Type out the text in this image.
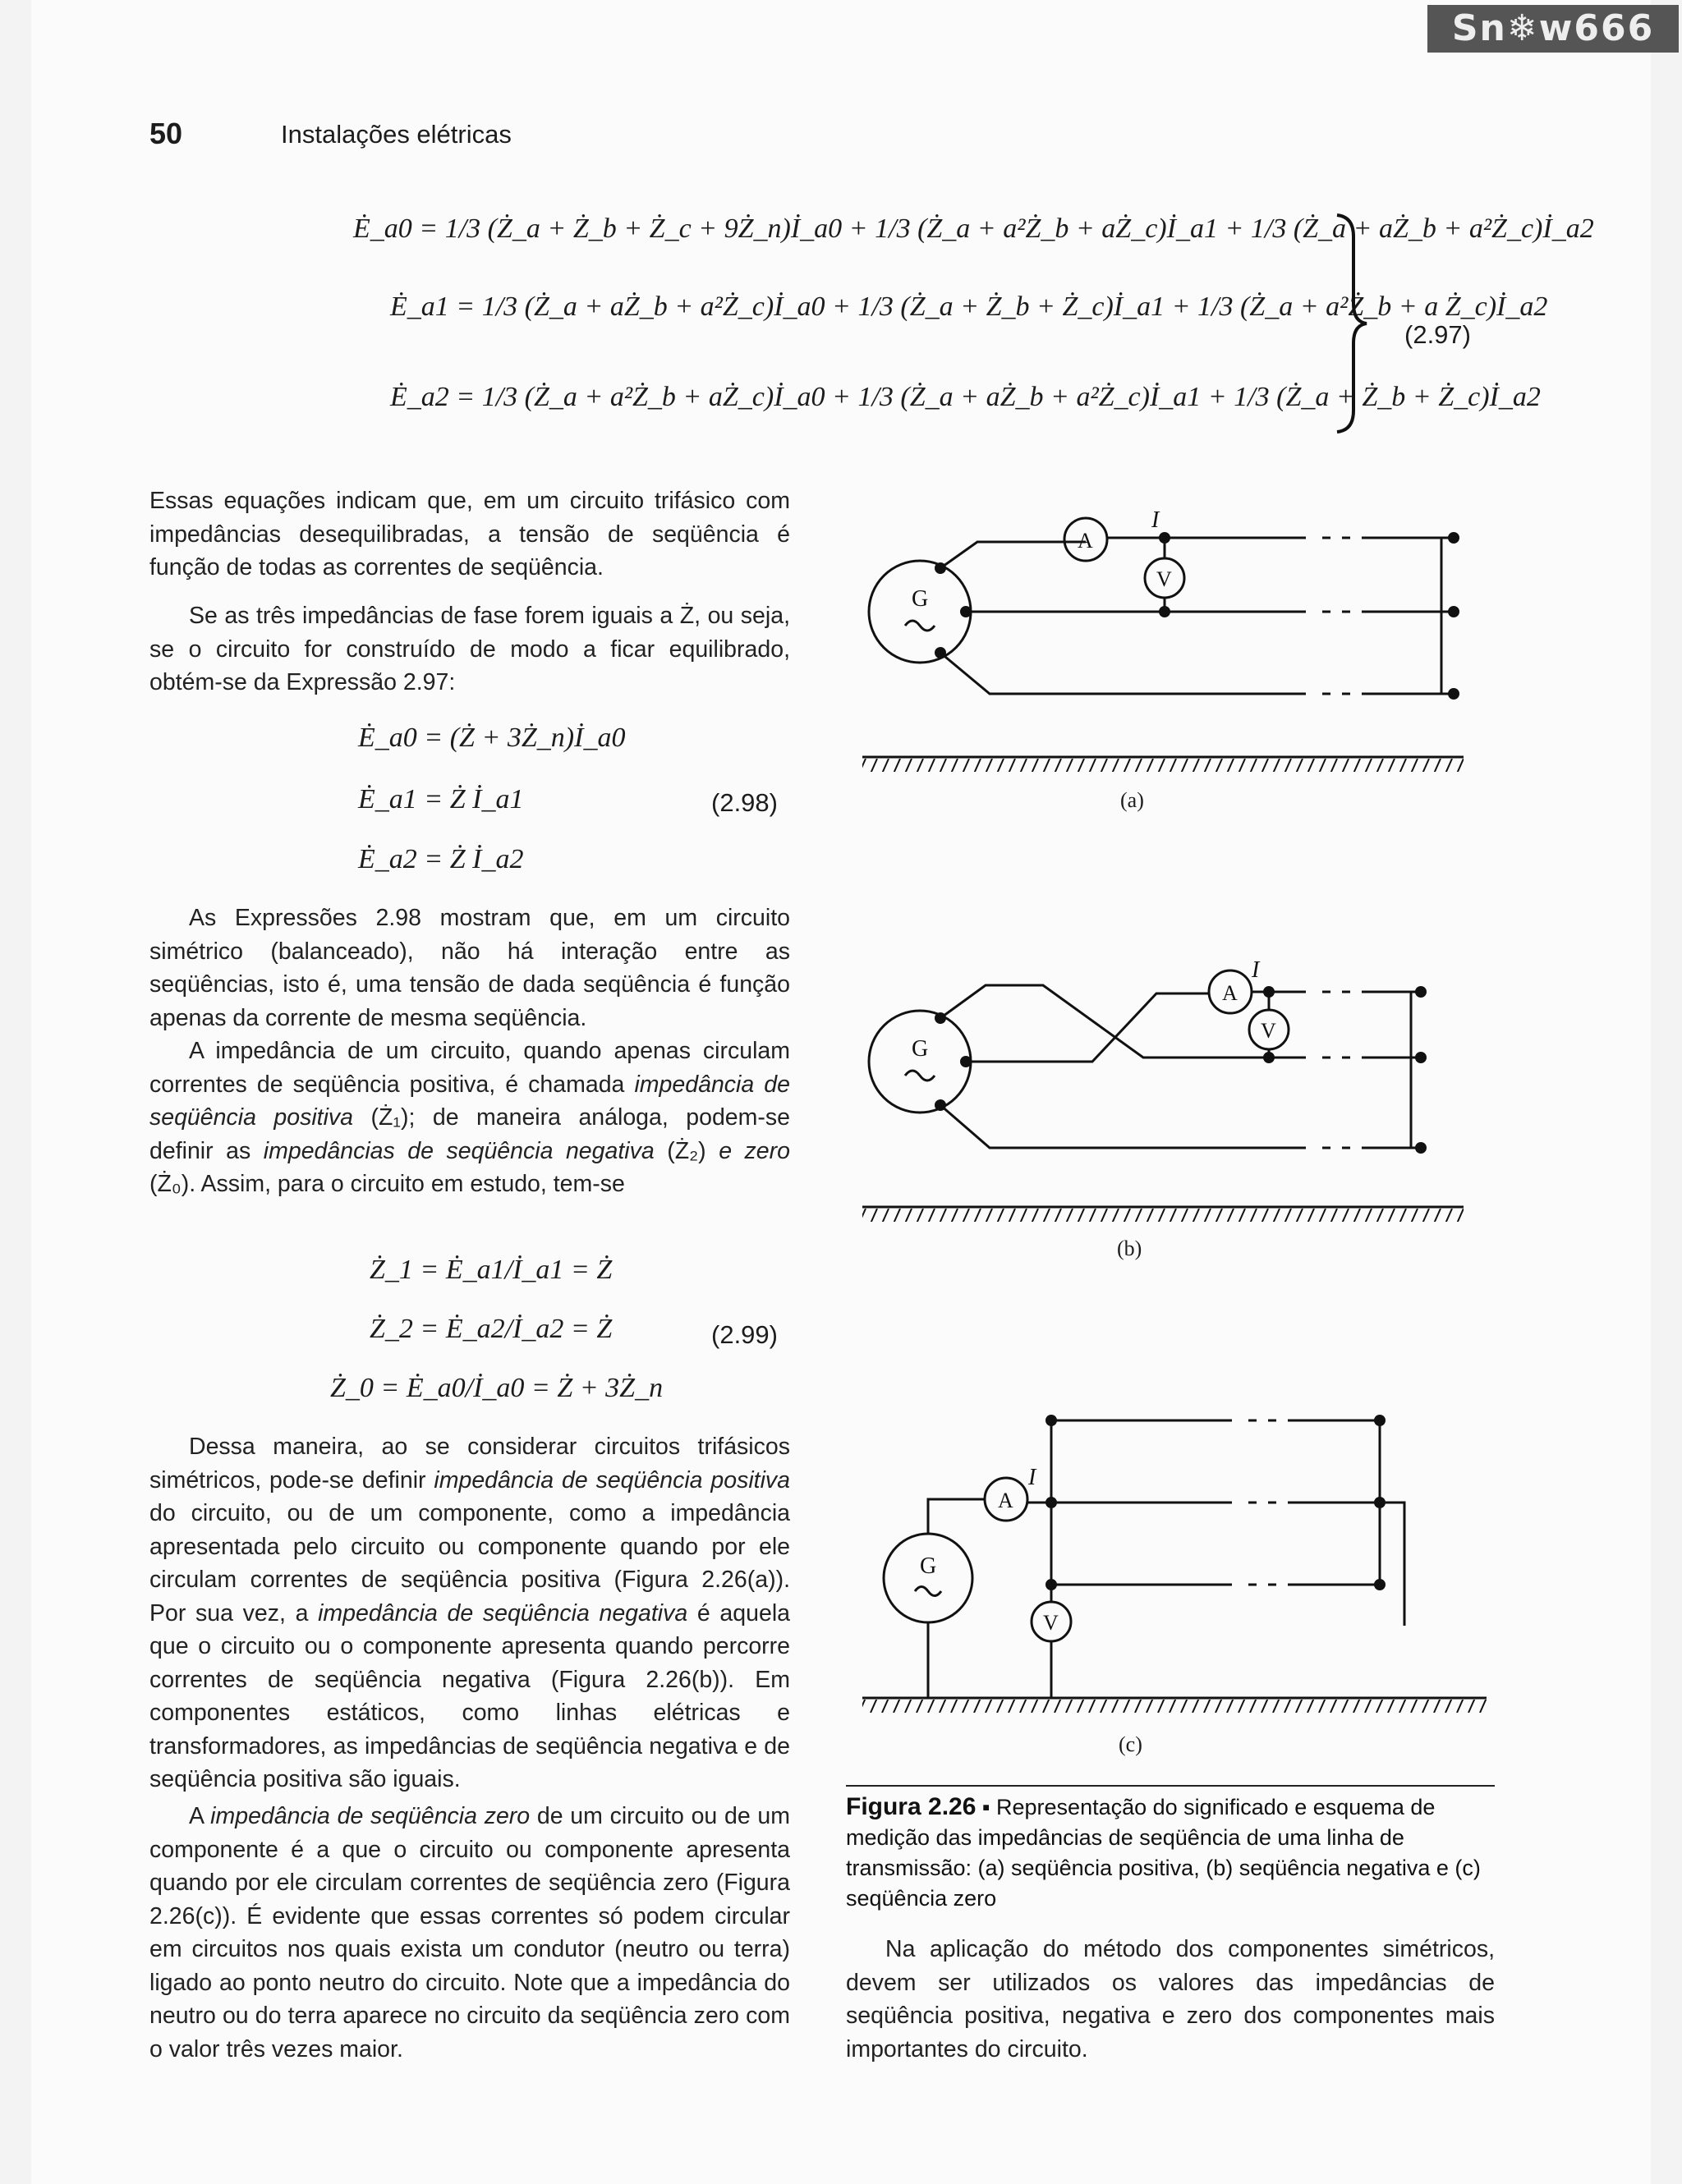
Sn❄w666
50	Instalações elétricas
Ė_a0 = 1/3 (Ż_a + Ż_b + Ż_c + 9Ż_n)İ_a0 + 1/3 (Ż_a + a²Ż_b + aŻ_c)İ_a1 + 1/3 (Ż_a + aŻ_b + a²Ż_c)İ_a2
Ė_a1 = 1/3 (Ż_a + aŻ_b + a²Ż_c)İ_a0 + 1/3 (Ż_a + Ż_b + Ż_c)İ_a1 + 1/3 (Ż_a + a²Ż_b + a Ż_c)İ_a2
Ė_a2 = 1/3 (Ż_a + a²Ż_b + aŻ_c)İ_a0 + 1/3 (Ż_a + aŻ_b + a²Ż_c)İ_a1 + 1/3 (Ż_a + Ż_b + Ż_c)İ_a2
(2.97)

Essas equações indicam que, em um circuito trifásico com impedâncias desequilibradas, a tensão de seqüência é função de todas as correntes de seqüência.

Se as três impedâncias de fase forem iguais a Ż, ou seja, se o circuito for construído de modo a ficar equilibrado, obtém-se da Expressão 2.97:

Ė_a0 = (Ż + 3Ż_n)İ_a0
Ė_a1 = Ż İ_a1
Ė_a2 = Ż İ_a2
(2.98)

As Expressões 2.98 mostram que, em um circuito simétrico (balanceado), não há interação entre as seqüências, isto é, uma tensão de dada seqüência é função apenas da corrente de mesma seqüência.

A impedância de um circuito, quando apenas circulam correntes de seqüência positiva, é chamada impedância de seqüência positiva (Ż₁); de maneira análoga, podem-se definir as impedâncias de seqüência negativa (Ż₂) e zero (Ż₀). Assim, para o circuito em estudo, tem-se

Ż_1 = Ė_a1/İ_a1 = Ż
Ż_2 = Ė_a2/İ_a2 = Ż
Ż_0 = Ė_a0/İ_a0 = Ż + 3Ż_n
(2.99)

Dessa maneira, ao se considerar circuitos trifásicos simétricos, pode-se definir impedância de seqüência positiva do circuito, ou de um componente, como a impedância apresentada pelo circuito ou componente quando por ele circulam correntes de seqüência positiva (Figura 2.26(a)). Por sua vez, a impedância de seqüência negativa é aquela que o circuito ou o componente apresenta quando percorre correntes de seqüência negativa (Figura 2.26(b)). Em componentes estáticos, como linhas elétricas e transformadores, as impedâncias de seqüência negativa e de seqüência positiva são iguais.

A impedância de seqüência zero de um circuito ou de um componente é a que o circuito ou componente apresenta quando por ele circulam correntes de seqüência zero (Figura 2.26(c)). É evidente que essas correntes só podem circular em circuitos nos quais exista um condutor (neutro ou terra) ligado ao ponto neutro do circuito. Note que a impedância do neutro ou do terra aparece no circuito da seqüência zero com o valor três vezes maior.

G
A
I
V
G
A
I
V
V
A
I
G
(a)
(b)
(c)
Figura 2.26 ▪ Representação do significado e esquema de medição das impedâncias de seqüência de uma linha de transmissão: (a) seqüência positiva, (b) seqüência negativa e (c) seqüência zero

Na aplicação do método dos componentes simétricos, devem ser utilizados os valores das impedâncias de seqüência positiva, negativa e zero dos componentes mais importantes do circuito.
